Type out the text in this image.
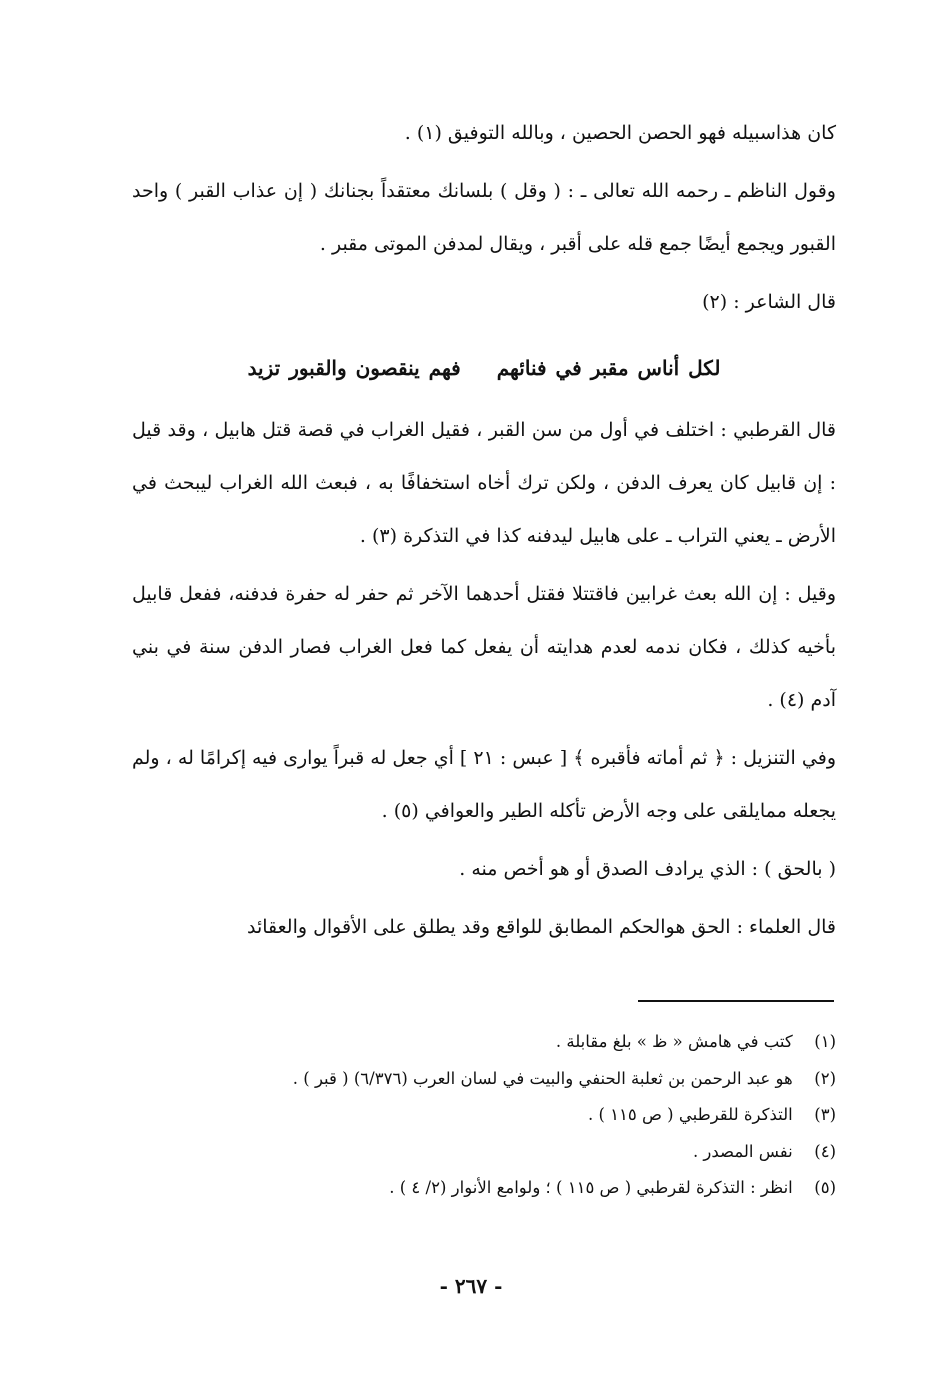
كان هذاسبيله فهو الحصن الحصين ، وبالله التوفيق (١) .

وقول الناظم ـ رحمه الله تعالى ـ : ( وقل ) بلسانك معتقداً بجنانك ( إن عذاب القبر ) واحد القبور ويجمع أيضًا جمع قله على أقبر ، ويقال لمدفن الموتى مقبر .

قال الشاعر : (٢)

لكل أناس مقبر في فنائهمفهم ينقصون والقبور تزيد

قال القرطبي : اختلف في أول من سن القبر ، فقيل الغراب في قصة قتل هابيل ، وقد قيل : إن قابيل كان يعرف الدفن ، ولكن ترك أخاه استخفافًا به ، فبعث الله الغراب ليبحث في الأرض ـ يعني التراب ـ على هابيل ليدفنه كذا في التذكرة (٣) .

وقيل : إن الله بعث غرابين فاقتتلا فقتل أحدهما الآخر ثم حفر له حفرة فدفنه، ففعل قابيل بأخيه كذلك ، فكان ندمه لعدم هدايته أن يفعل كما فعل الغراب فصار الدفن سنة في بني آدم (٤) .

وفي التنزيل : ﴿ ثم أماته فأقبره ﴾ [ عبس : ٢١ ] أي جعل له قبراً يوارى فيه إكرامًا له ، ولم يجعله ممايلقى على وجه الأرض تأكله الطير والعوافي (٥) .

( بالحق ) : الذي يرادف الصدق أو هو أخص منه .

قال العلماء : الحق هوالحكم المطابق للواقع وقد يطلق على الأقوال والعقائد

(١) كتب في هامش « ظ » بلغ مقابلة .
(٢) هو عبد الرحمن بن ثعلبة الحنفي والبيت في لسان العرب (٦/٣٧٦) ( قبر ) .
(٣) التذكرة للقرطبي ( ص ١١٥ ) .
(٤) نفس المصدر .
(٥) انظر : التذكرة لقرطبي ( ص ١١٥ ) ؛ ولوامع الأنوار (٢/ ٤ ) .
- ٢٦٧ -
